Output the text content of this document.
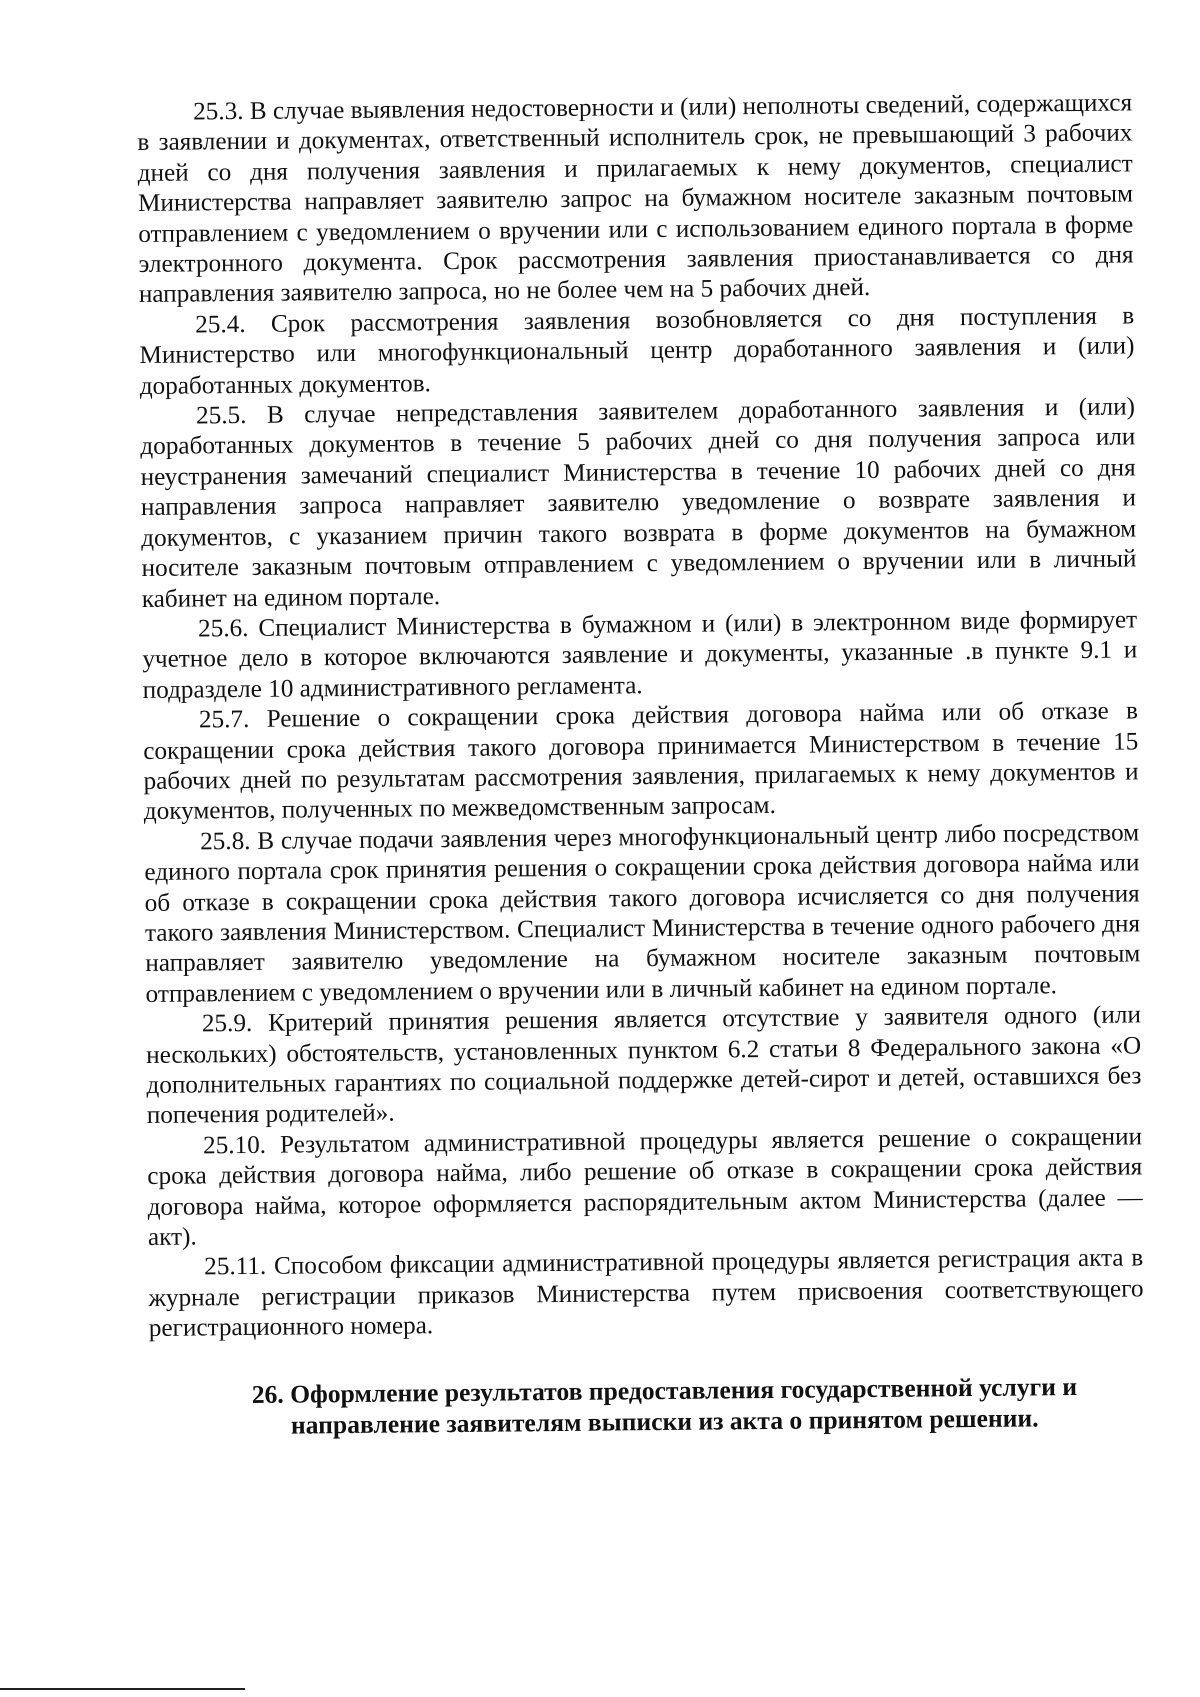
25.3. В случае выявления недостоверности и (или) неполноты сведений, содержащихся в заявлении и документах, ответственный исполнитель срок, не превышающий 3 рабочих дней со дня получения заявления и прилагаемых к нему документов, специалист Министерства направляет заявителю запрос на бумажном носителе заказным почтовым отправлением с уведомлением о вручении или с использованием единого портала в форме электронного документа. Срок рассмотрения заявления приостанавливается со дня направления заявителю запроса, но не более чем на 5 рабочих дней.

25.4. Срок рассмотрения заявления возобновляется со дня поступления в Министерство или многофункциональный центр доработанного заявления и (или) доработанных документов.

25.5. В случае непредставления заявителем доработанного заявления и (или) доработанных документов в течение 5 рабочих дней со дня получения запроса или неустранения замечаний специалист Министерства в течение 10 рабочих дней со дня направления запроса направляет заявителю уведомление о возврате заявления и документов, с указанием причин такого возврата в форме документов на бумажном носителе заказным почтовым отправлением с уведомлением о вручении или в личный кабинет на едином портале.

25.6. Специалист Министерства в бумажном и (или) в электронном виде формирует учетное дело в которое включаются заявление и документы, указанные .в пункте 9.1 и подразделе 10 административного регламента.

25.7. Решение о сокращении срока действия договора найма или об отказе в сокращении срока действия такого договора принимается Министерством в течение 15 рабочих дней по результатам рассмотрения заявления, прилагаемых к нему документов и документов, полученных по межведомственным запросам.

25.8. В случае подачи заявления через многофункциональный центр либо посредством единого портала срок принятия решения о сокращении срока действия договора найма или об отказе в сокращении срока действия такого договора исчисляется со дня получения такого заявления Министерством. Специалист Министерства в течение одного рабочего дня направляет заявителю уведомление на бумажном носителе заказным почтовым отправлением с уведомлением о вручении или в личный кабинет на едином портале.

25.9. Критерий принятия решения является отсутствие у заявителя одного (или нескольких) обстоятельств, установленных пунктом 6.2 статьи 8 Федерального закона «О дополнительных гарантиях по социальной поддержке детей-сирот и детей, оставшихся без попечения родителей».

25.10. Результатом административной процедуры является решение о сокращении срока действия договора найма, либо решение об отказе в сокращении срока действия договора найма, которое оформляется распорядительным актом Министерства (далее — акт).

25.11. Способом фиксации административной процедуры является регистрация акта в журнале регистрации приказов Министерства путем присвоения соответствующего регистрационного номера.

26. Оформление результатов предоставления государственной услуги и направление заявителям выписки из акта о принятом решении.
